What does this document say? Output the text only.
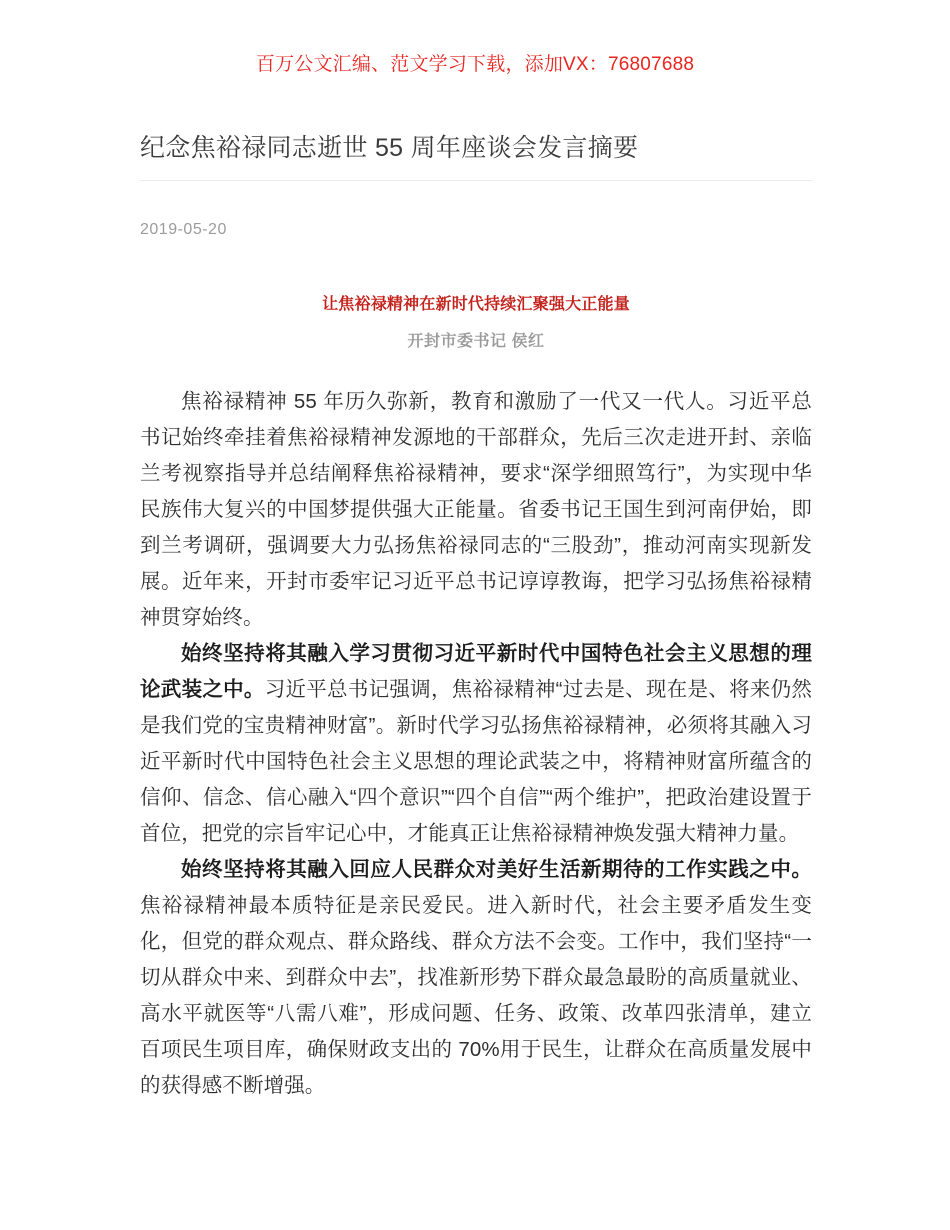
百万公文汇编、范文学习下载，添加VX：76807688
纪念焦裕禄同志逝世 55 周年座谈会发言摘要
2019-05-20
让焦裕禄精神在新时代持续汇聚强大正能量
开封市委书记 侯红

焦裕禄精神 55 年历久弥新，教育和激励了一代又一代人。习近平总书记始终牵挂着焦裕禄精神发源地的干部群众，先后三次走进开封、亲临兰考视察指导并总结阐释焦裕禄精神，要求“深学细照笃行”，为实现中华民族伟大复兴的中国梦提供强大正能量。省委书记王国生到河南伊始，即到兰考调研，强调要大力弘扬焦裕禄同志的“三股劲”，推动河南实现新发展。近年来，开封市委牢记习近平总书记谆谆教诲，把学习弘扬焦裕禄精神贯穿始终。

始终坚持将其融入学习贯彻习近平新时代中国特色社会主义思想的理论武装之中。习近平总书记强调，焦裕禄精神“过去是、现在是、将来仍然是我们党的宝贵精神财富”。新时代学习弘扬焦裕禄精神，必须将其融入习近平新时代中国特色社会主义思想的理论武装之中，将精神财富所蕴含的信仰、信念、信心融入“四个意识”“四个自信”“两个维护”，把政治建设置于首位，把党的宗旨牢记心中，才能真正让焦裕禄精神焕发强大精神力量。

始终坚持将其融入回应人民群众对美好生活新期待的工作实践之中。焦裕禄精神最本质特征是亲民爱民。进入新时代，社会主要矛盾发生变化，但党的群众观点、群众路线、群众方法不会变。工作中，我们坚持“一切从群众中来、到群众中去”，找准新形势下群众最急最盼的高质量就业、高水平就医等“八需八难”，形成问题、任务、政策、改革四张清单，建立百项民生项目库，确保财政支出的 70%用于民生，让群众在高质量发展中的获得感不断增强。
